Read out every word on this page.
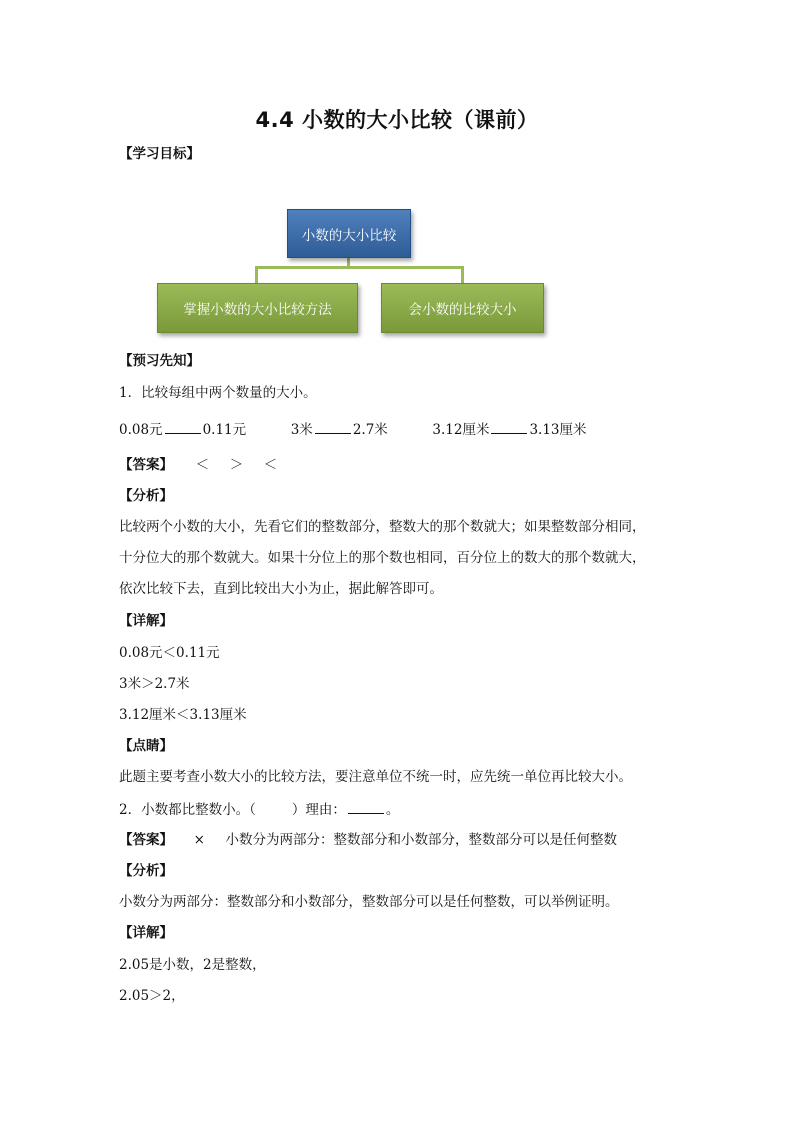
4.4 小数的大小比较（课前）
【学习目标】
小数的大小比较
掌握小数的大小比较方法	会小数的比较大小
【预习先知】
1．比较每组中两个数量的大小。
0.08元	0.11元	3米	2.7米	3.12厘米	3.13厘米
【答案】 ＜ ＞ ＜
【分析】
比较两个小数的大小，先看它们的整数部分，整数大的那个数就大；如果整数部分相同，
十分位大的那个数就大。如果十分位上的那个数也相同，百分位上的数大的那个数就大，
依次比较下去，直到比较出大小为止，据此解答即可。
【详解】
0.08元＜0.11元
3米＞2.7米
3.12厘米＜3.13厘米
【点睛】
此题主要考查小数大小的比较方法，要注意单位不统一时，应先统一单位再比较大小。
2．小数都比整数小。（	）理由：	。
【答案】 × 小数分为两部分：整数部分和小数部分，整数部分可以是任何整数
【分析】
小数分为两部分：整数部分和小数部分，整数部分可以是任何整数，可以举例证明。
【详解】
2.05是小数，2是整数，
2.05＞2，
